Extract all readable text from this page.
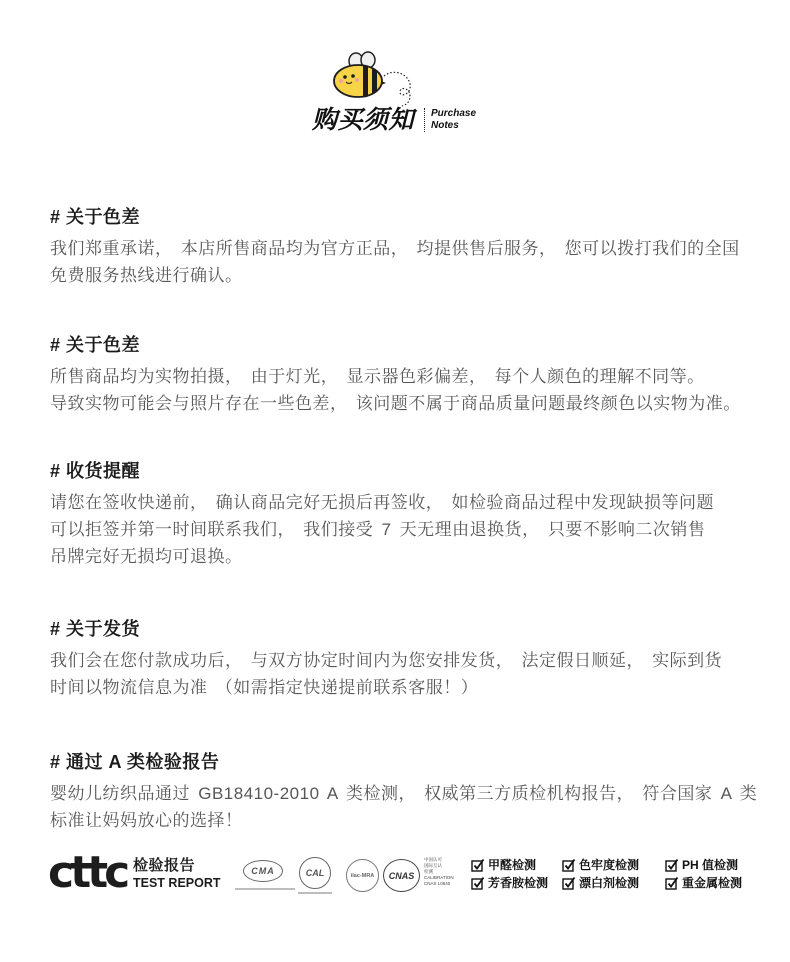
购买须知 Purchase
Notes
# 关于色差
我们郑重承诺， 本店所售商品均为官方正品， 均提供售后服务， 您可以拨打我们的全国
免费服务热线进行确认。
# 关于色差
所售商品均为实物拍摄， 由于灯光， 显示器色彩偏差， 每个人颜色的理解不同等。
导致实物可能会与照片存在一些色差， 该问题不属于商品质量问题最终颜色以实物为准。
# 收货提醒
请您在签收快递前， 确认商品完好无损后再签收， 如检验商品过程中发现缺损等问题
可以拒签并第一时间联系我们， 我们接受 7 天无理由退换货， 只要不影响二次销售
吊牌完好无损均可退换。
# 关于发货
我们会在您付款成功后， 与双方协定时间内为您安排发货， 法定假日顺延， 实际到货
时间以物流信息为准 （如需指定快递提前联系客服！）
# 通过 A 类检验报告
婴幼儿纺织品通过 GB18410-2010 A 类检测， 权威第三方质检机构报告， 符合国家 A 类
标准让妈妈放心的选择！
cttc 检验报告
TEST REPORT
CMA	CAL	ilac-MRA	CNAS
中国认可
国际互认
检测
CALIBRATION
CNAS L0640
甲醛检测
芳香胺检测
色牢度检测
漂白剂检测
PH 值检测
重金属检测
